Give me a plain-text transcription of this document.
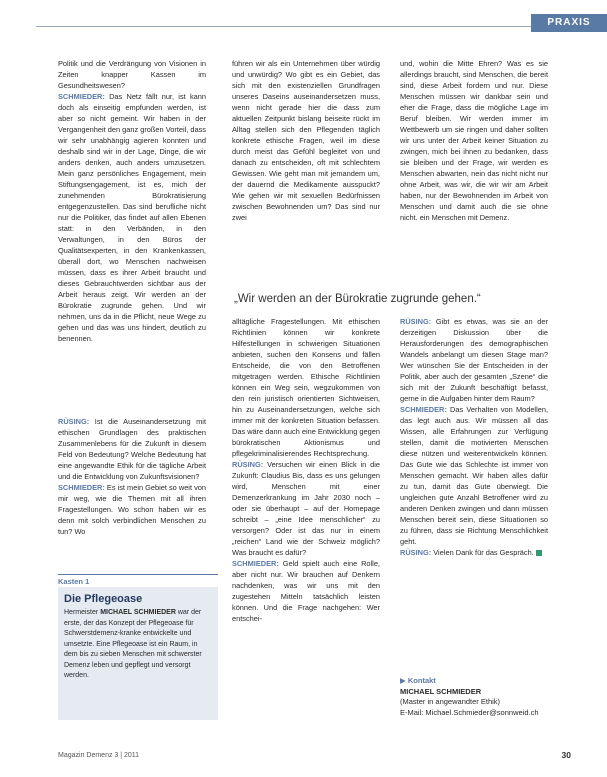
PRAXIS

Politik und die Verdrängung von Visionen in Zeiten knapper Kassen im Gesundheitswesen?

SCHMIEDER: Das Netz fällt nur, ist kann doch als einseitig empfunden werden, ist aber so nicht gemeint. Wir haben in der Vergangenheit den ganz großen Vorteil, dass wir sehr unabhängig agieren konnten und deshalb sind wir in der Lage, Dinge, die wir anders denken, auch anders umzusetzen. Mein ganz persönliches Engagement, mein Stiftungsengagement, ist es, mich der zunehmenden Bürokratisierung entgegenzustellen. Das sind berufliche nicht nur die Politiker, das findet auf allen Ebenen statt: in den Verbänden, in den Verwaltungen, in den Büros der Qualitätsexperten, in den Krankenkassen, überall dort, wo Menschen nachweisen müssen, dass es ihrer Arbeit braucht und dieses Gebrauchtwerden sichtbar aus der Arbeit heraus zeigt. Wir werden an der Bürokratie zugrunde gehen. Und wir nehmen, uns da in die Pflicht, neue Wege zu gehen und das was uns hindert, deutlich zu benennen.

führen wir als ein Unternehmen über würdig und unwürdig? Wo gibt es ein Gebiet, das sich mit den existenziellen Grundfragen unseres Daseins auseinandersetzen muss, wenn nicht gerade hier die dass zum aktuellen Zeitpunkt bislang beiseite rückt im Alltag stellen sich den Pflegenden täglich konkrete ethische Fragen, weil im diese durch meist das Gefühl begleitet von und danach zu entscheiden, oft mit schlechtem Gewissen. Wie geht man mit jemandem um, der dauernd die Medikamente ausspuckt? Wie gehen wir mit sexuellen Bedürfnissen zwischen Bewohnenden um? Das sind nur zwei

und, wohin die Mitte Ehren? Was es sie allerdings braucht, sind Menschen, die bereit sind, diese Arbeit fordern und nur. Diese Menschen müssen wir dankbar sein und eher die Frage, dass die mögliche Lage im Beruf bleiben. Wir werden immer im Wettbewerb um sie ringen und daher sollten wir uns unter der Arbeit keiner Situation zu zwingen, mich bei ihnen zu bedanken, dass sie bleiben und der Frage, wir werden es Menschen abwarten, nein das nicht nicht nur ohne Arbeit, was wir, die wir wir am Arbeit haben, nur der Bewohnenden im Arbeit von Menschen und damit auch die sie ohne nicht. ein Menschen mit Demenz.

„Wir werden an der Bürokratie zugrunde gehen.“

RÜSING: Ist die Auseinandersetzung mit ethischen Grundlagen des praktischen Zusammenlebens für die Zukunft in diesem Feld von Bedeutung? Welche Bedeutung hat eine angewandte Ethik für die tägliche Arbeit und die Entwicklung von Zukunftsvisionen?

SCHMIEDER: Es ist mein Gebiet so weit von mir weg, wie die Themen mit all ihren Fragestellungen. Wo schon haben wir es denn mit solch verbindlichen Menschen zu tun? Wo

alltägliche Fragestellungen. Mit ethischen Richtlinien können wir konkrete Hilfestellungen in schwierigen Situationen anbieten, suchen den Konsens und fällen Entscheide, die von den Betroffenen mitgetragen werden. Ethische Richtlinien können ein Weg sein, wegzukommen von den rein juristisch orientierten Sichtweisen, hin zu Auseinandersetzungen, welche sich immer mit der konkreten Situation befassen. Das wäre dann auch eine Entwicklung gegen bürokratischen Aktionismus und pflegekriminalisierendes Rechtsprechung.

RÜSING: Versuchen wir einen Blick in die Zukunft: Claudius Bis, dass es uns gelungen wird, Menschen mit einer Demenzerkrankung im Jahr 2030 noch – oder sie überhaupt – auf der Homepage schreibt – „eine Idee menschlicher“ zu versorgen? Oder ist das nur in einem „reichen“ Land wie der Schweiz möglich? Was braucht es dafür?

SCHMIEDER: Geld spielt auch eine Rolle, aber nicht nur. Wir brauchen auf Denkern nachdenken, was wir uns mit den zugestehen Mitteln tatsächlich leisten können. Und die Frage nachgehen: Wer entschei-

RÜSING: Gibt es etwas, was sie an der derzeitigen Diskussion über die Herausforderungen des demographischen Wandels anbelangt um diesen Stage man? Wer wünschen Sie der Entscheiden in der Politik, aber auch der gesamten „Szene“ die sich mit der Zukunft beschäftigt befasst, gerne in die Aufgaben hinter dem Raum?

SCHMIEDER: Das Verhalten von Modellen, das legt auch aus. Wir müssen all das Wissen, alle Erfahrungen zur Verfügung stellen, damit die motivierten Menschen diese nützen und weiterentwickeln können. Das Gute wie das Schlechte ist immer von Menschen gemacht. Wir haben alles dafür zu tun, damit das Gute überwiegt. Die ungleichen gute Anzahl Betroffener wird zu anderen Denken zwingen und dann müssen Menschen bereit sein, diese Situationen so zu führen, dass sie Richtung Menschlichkeit geht.

RÜSING: Vielen Dank für das Gespräch.

Kasten 1
Die Pflegeoase
Hermeister MICHAEL SCHMIEDER war der erste, der das Konzept der Pflegeoase für Schwerstdemenz-kranke entwickelte und umsetzte. Eine Pflegeoase ist ein Raum, in dem bis zu sieben Menschen mit schwerster Demenz leben und gepflegt und versorgt werden.
▶ Kontakt
MICHAEL SCHMIEDER
(Master in angewandter Ethik)
E-Mail: Michael.Schmieder@sonnweid.ch
Magazin Demenz 3 | 2011	30
